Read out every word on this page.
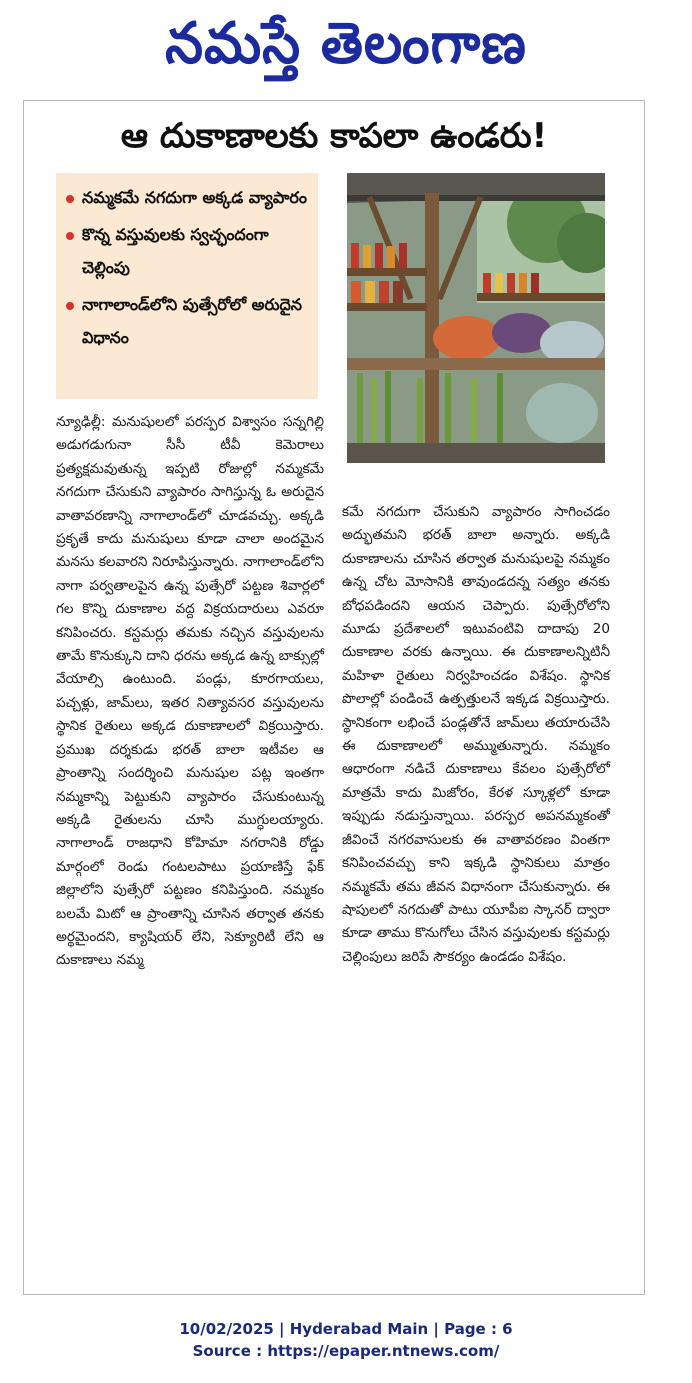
నమస్తే తెలంగాణ
ఆ దుకాణాలకు కాపలా ఉండరు!
నమ్మకమే నగదుగా అక్కడ వ్యాపారం
కొన్న వస్తువులకు స్వచ్ఛందంగా చెల్లింపు
నాగాలాండ్‌లోని పుత్సేరోలో అరుదైన విధానం
న్యూఢిల్లీ: మనుషులలో పరస్పర విశ్వాసం సన్నగిల్లి అడుగడుగునా సీసీ టీవీ కెమెరాలు ప్రత్యక్షమవుతున్న ఇప్పటి రోజుల్లో నమ్మకమే నగదుగా చేసుకుని వ్యాపారం సాగిస్తున్న ఓ అరుదైన వాతావరణాన్ని నాగాలాండ్‌లో చూడవచ్చు. అక్కడి ప్రకృతే కాదు మనుషులు కూడా చాలా అందమైన మనసు కలవారని నిరూపిస్తున్నారు. నాగాలాండ్‌లోని నాగా పర్వతాలపైన ఉన్న పుత్సేరో పట్టణ శివార్లలో గల కొన్ని దుకాణాల వద్ద విక్రయదారులు ఎవరూ కనిపించరు. కస్టమర్లు తమకు నచ్చిన వస్తువులను తామే కొనుక్కుని దాని ధరను అక్కడ ఉన్న బాక్సుల్లో వేయాల్సి ఉంటుంది. పండ్లు, కూరగాయలు, పచ్చళ్లు, జామ్‌లు, ఇతర నిత్యావసర వస్తువులను స్థానిక రైతులు అక్కడ దుకాణాలలో విక్రయిస్తారు. ప్రముఖ దర్శకుడు భరత్ బాలా ఇటీవల ఆ ప్రాంతాన్ని సందర్శించి మనుషుల పట్ల ఇంతగా నమ్మకాన్ని పెట్టుకుని వ్యాపారం చేసుకుంటున్న అక్కడి రైతులను చూసి ముగ్ధులయ్యారు. నాగాలాండ్ రాజధాని కోహిమా నగరానికి రోడ్డు మార్గంలో రెండు గంటలపాటు ప్రయాణిస్తే ఫేక్ జిల్లాలోని పుత్సేరో పట్టణం కనిపిస్తుంది. నమ్మకం బలమే మిటో ఆ ప్రాంతాన్ని చూసిన తర్వాత తనకు అర్థమైందని, క్యాషియర్ లేని, సెక్యూరిటీ లేని ఆ దుకాణాలు నమ్మ
కమే నగదుగా చేసుకుని వ్యాపారం సాగించడం అద్భుతమని భరత్ బాలా అన్నారు. అక్కడి దుకాణాలను చూసిన తర్వాత మనుషులపై నమ్మకం ఉన్న చోట మోసానికి తావుండదన్న సత్యం తనకు బోధపడిందని ఆయన చెప్పారు. పుత్సేరోలోని మూడు ప్రదేశాలలో ఇటువంటివి దాదాపు 20 దుకాణాల వరకు ఉన్నాయి. ఈ దుకాణాలన్నిటినీ మహిళా రైతులు నిర్వహించడం విశేషం. స్థానిక పొలాల్లో పండించే ఉత్పత్తులనే ఇక్కడ విక్రయిస్తారు. స్థానికంగా లభించే పండ్లతోనే జామ్‌లు తయారుచేసి ఈ దుకాణాలలో అమ్ముతున్నారు. నమ్మకం ఆధారంగా నడిచే దుకాణాలు కేవలం పుత్సేరోలో మాత్రమే కాదు మిజోరం, కేరళ స్కూళ్లలో కూడా ఇప్పుడు నడుస్తున్నాయి. పరస్పర అపనమ్మకంతో జీవించే నగరవాసులకు ఈ వాతావరణం వింతగా కనిపించవచ్చు కాని ఇక్కడి స్థానికులు మాత్రం నమ్మకమే తమ జీవన విధానంగా చేసుకున్నారు. ఈ షాపులలో నగదుతో పాటు యూపీఐ స్కానర్ ద్వారా కూడా తాము కొనుగోలు చేసిన వస్తువులకు కస్టమర్లు చెల్లింపులు జరిపే సౌకర్యం ఉండడం విశేషం.
10/02/2025 | Hyderabad Main | Page : 6
Source : https://epaper.ntnews.com/
